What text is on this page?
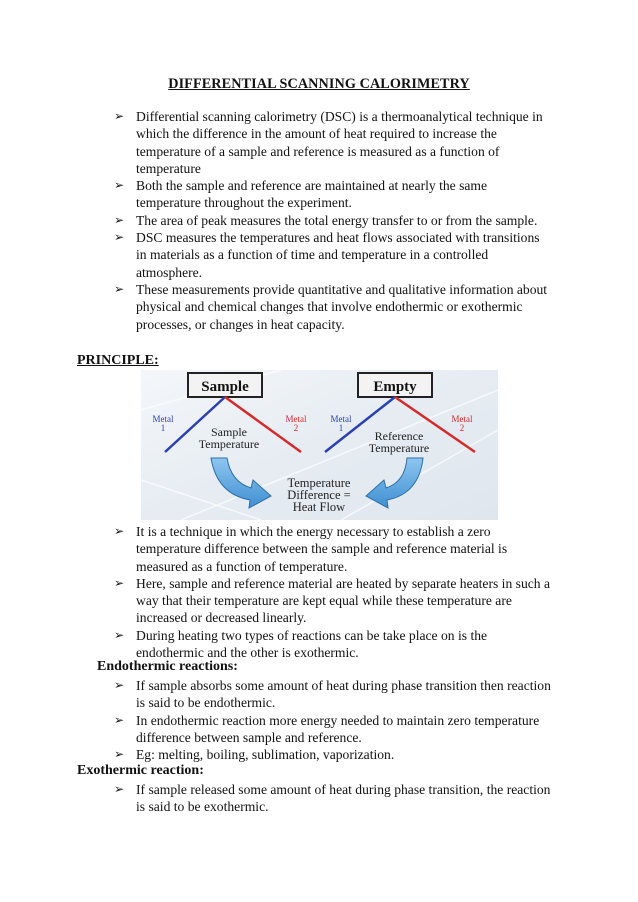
DIFFERENTIAL SCANNING CALORIMETRY
➢ Differential scanning calorimetry (DSC) is a thermoanalytical technique in which the difference in the amount of heat required to increase the temperature of a sample and reference is measured as a function of temperature
➢ Both the sample and reference are maintained at nearly the same temperature throughout the experiment.
➢ The area of peak measures the total energy transfer to or from the sample.
➢ DSC measures the temperatures and heat flows associated with transitions in materials as a function of time and temperature in a controlled atmosphere.
➢ These measurements provide quantitative and qualitative information about physical and chemical changes that involve endothermic or exothermic processes, or changes in heat capacity.
PRINCIPLE:
Sample	Empty
Metal
1
Metal
2
Metal
1
Metal
2
Sample
Temperature
Reference
Temperature
Temperature
Difference =
Heat Flow
➢ It is a technique in which the energy necessary to establish a zero temperature difference between the sample and reference material is measured as a function of temperature.
➢ Here, sample and reference material are heated by separate heaters in such a way that their temperature are kept equal while these temperature are increased or decreased linearly.
➢ During heating two types of reactions can be take place on is the endothermic and the other is exothermic.
Endothermic reactions:
➢ If sample absorbs some amount of heat during phase transition then reaction is said to be endothermic.
➢ In endothermic reaction more energy needed to maintain zero temperature difference between sample and reference.
➢ Eg: melting, boiling, sublimation, vaporization.
Exothermic reaction:
➢ If sample released some amount of heat during phase transition, the reaction is said to be exothermic.
